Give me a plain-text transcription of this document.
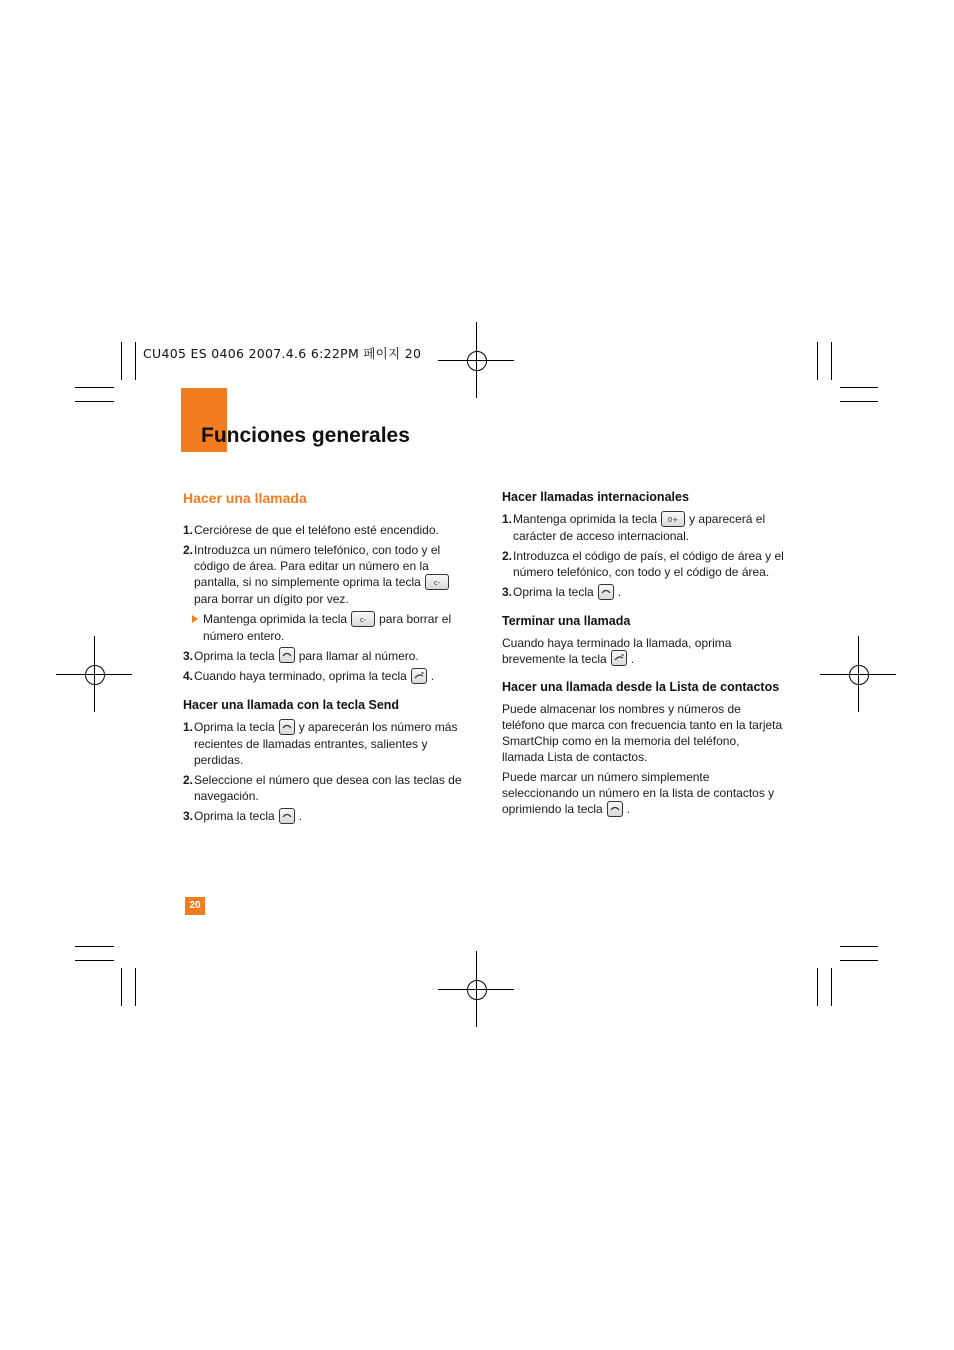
CU405 ES 0406 2007.4.6 6:22PM 페이지 20
Funciones generales
Hacer una llamada
1. Cerciórese de que el teléfono esté encendido.
2. Introduzca un número telefónico, con todo y el código de área. Para editar un número en la pantalla, si no simplemente oprima la tecla c-
para borrar un dígito por vez.
Mantenga oprimida la tecla c- para borrar el número entero.
3. Oprima la tecla para llamar al número.
4. Cuando haya terminado, oprima la tecla .
Hacer una llamada con la tecla Send
1. Oprima la tecla y aparecerán los número más recientes de llamadas entrantes, salientes y perdidas.
2. Seleccione el número que desea con las teclas de navegación.
3. Oprima la tecla .
Hacer llamadas internacionales
1. Mantenga oprimida la tecla 0+ y aparecerá el carácter de acceso internacional.
2. Introduzca el código de país, el código de área y el número telefónico, con todo y el código de área.
3. Oprima la tecla .
Terminar una llamada

Cuando haya terminado la llamada, oprima brevemente la tecla .

Hacer una llamada desde la Lista de contactos

Puede almacenar los nombres y números de teléfono que marca con frecuencia tanto en la tarjeta SmartChip como en la memoria del teléfono, llamada Lista de contactos.

Puede marcar un número simplemente seleccionando un número en la lista de contactos y oprimiendo la tecla .

20
